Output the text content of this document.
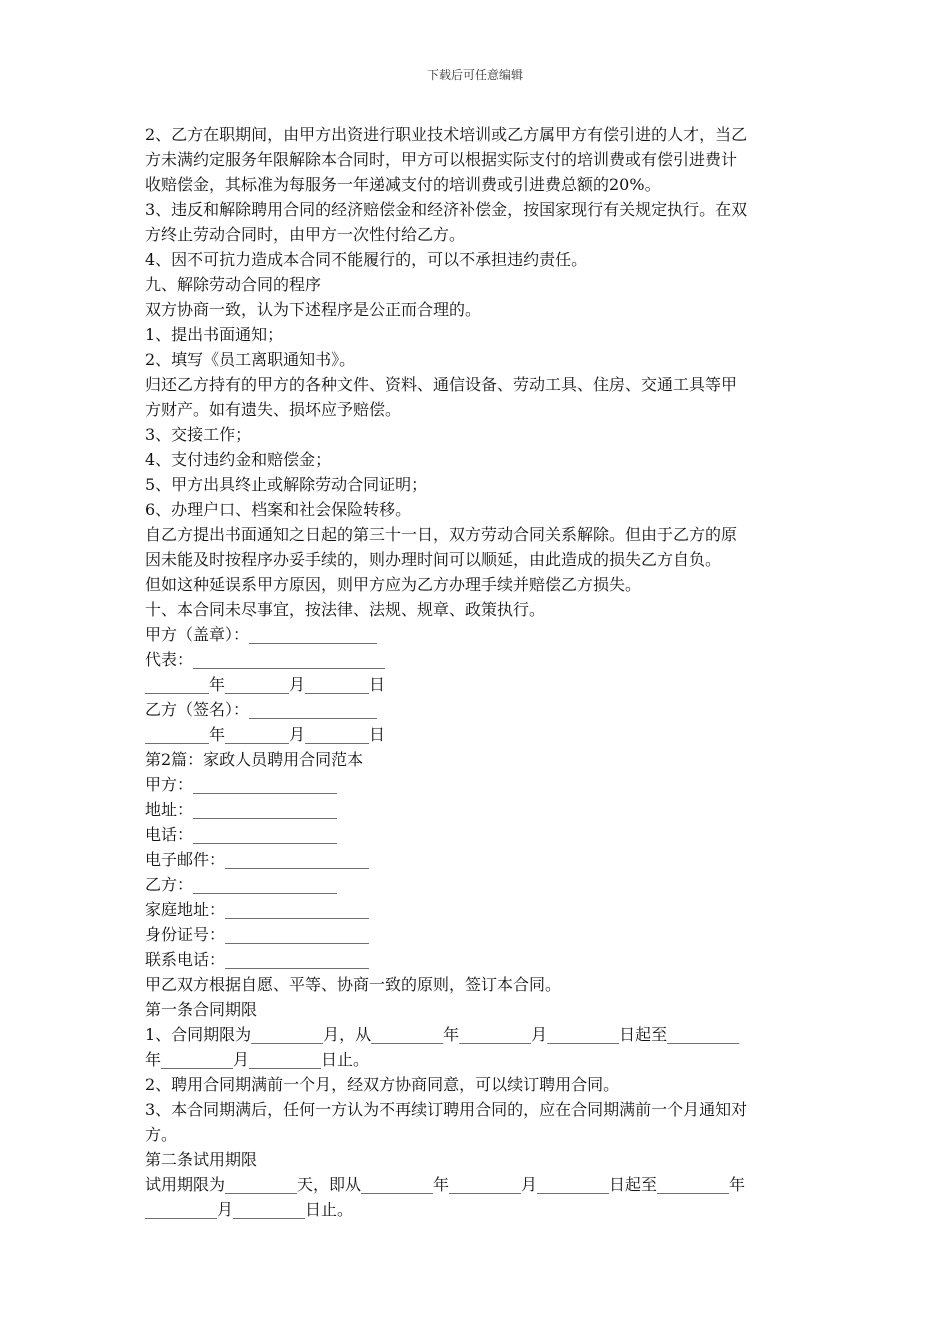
下载后可任意编辑
2、乙方在职期间，由甲方出资进行职业技术培训或乙方属甲方有偿引进的人才，当乙
方未满约定服务年限解除本合同时，甲方可以根据实际支付的培训费或有偿引进费计
收赔偿金，其标准为每服务一年递减支付的培训费或引进费总额的20%。
3、违反和解除聘用合同的经济赔偿金和经济补偿金，按国家现行有关规定执行。在双
方终止劳动合同时，由甲方一次性付给乙方。
4、因不可抗力造成本合同不能履行的，可以不承担违约责任。
九、解除劳动合同的程序
双方协商一致，认为下述程序是公正而合理的。
1、提出书面通知；
2、填写《员工离职通知书》。
归还乙方持有的甲方的各种文件、资料、通信设备、劳动工具、住房、交通工具等甲
方财产。如有遗失、损坏应予赔偿。
3、交接工作；
4、支付违约金和赔偿金；
5、甲方出具终止或解除劳动合同证明；
6、办理户口、档案和社会保险转移。
自乙方提出书面通知之日起的第三十一日，双方劳动合同关系解除。但由于乙方的原
因未能及时按程序办妥手续的，则办理时间可以顺延，由此造成的损失乙方自负。
但如这种延误系甲方原因，则甲方应为乙方办理手续并赔偿乙方损失。
十、本合同未尽事宜，按法律、法规、规章、政策执行。
甲方（盖章）：________________
代表：________________________
________年________月________日
乙方（签名）：________________
________年________月________日
第2篇：家政人员聘用合同范本
甲方：__________________
地址：__________________
电话：__________________
电子邮件：__________________
乙方：__________________
家庭地址：__________________
身份证号：__________________
联系电话：__________________
甲乙双方根据自愿、平等、协商一致的原则，签订本合同。
第一条合同期限
1、合同期限为_________月，从_________年_________月_________日起至_________
年_________月_________日止。
2、聘用合同期满前一个月，经双方协商同意，可以续订聘用合同。
3、本合同期满后，任何一方认为不再续订聘用合同的，应在合同期满前一个月通知对
方。
第二条试用期限
试用期限为_________天，即从_________年_________月_________日起至_________年
_________月_________日止。
